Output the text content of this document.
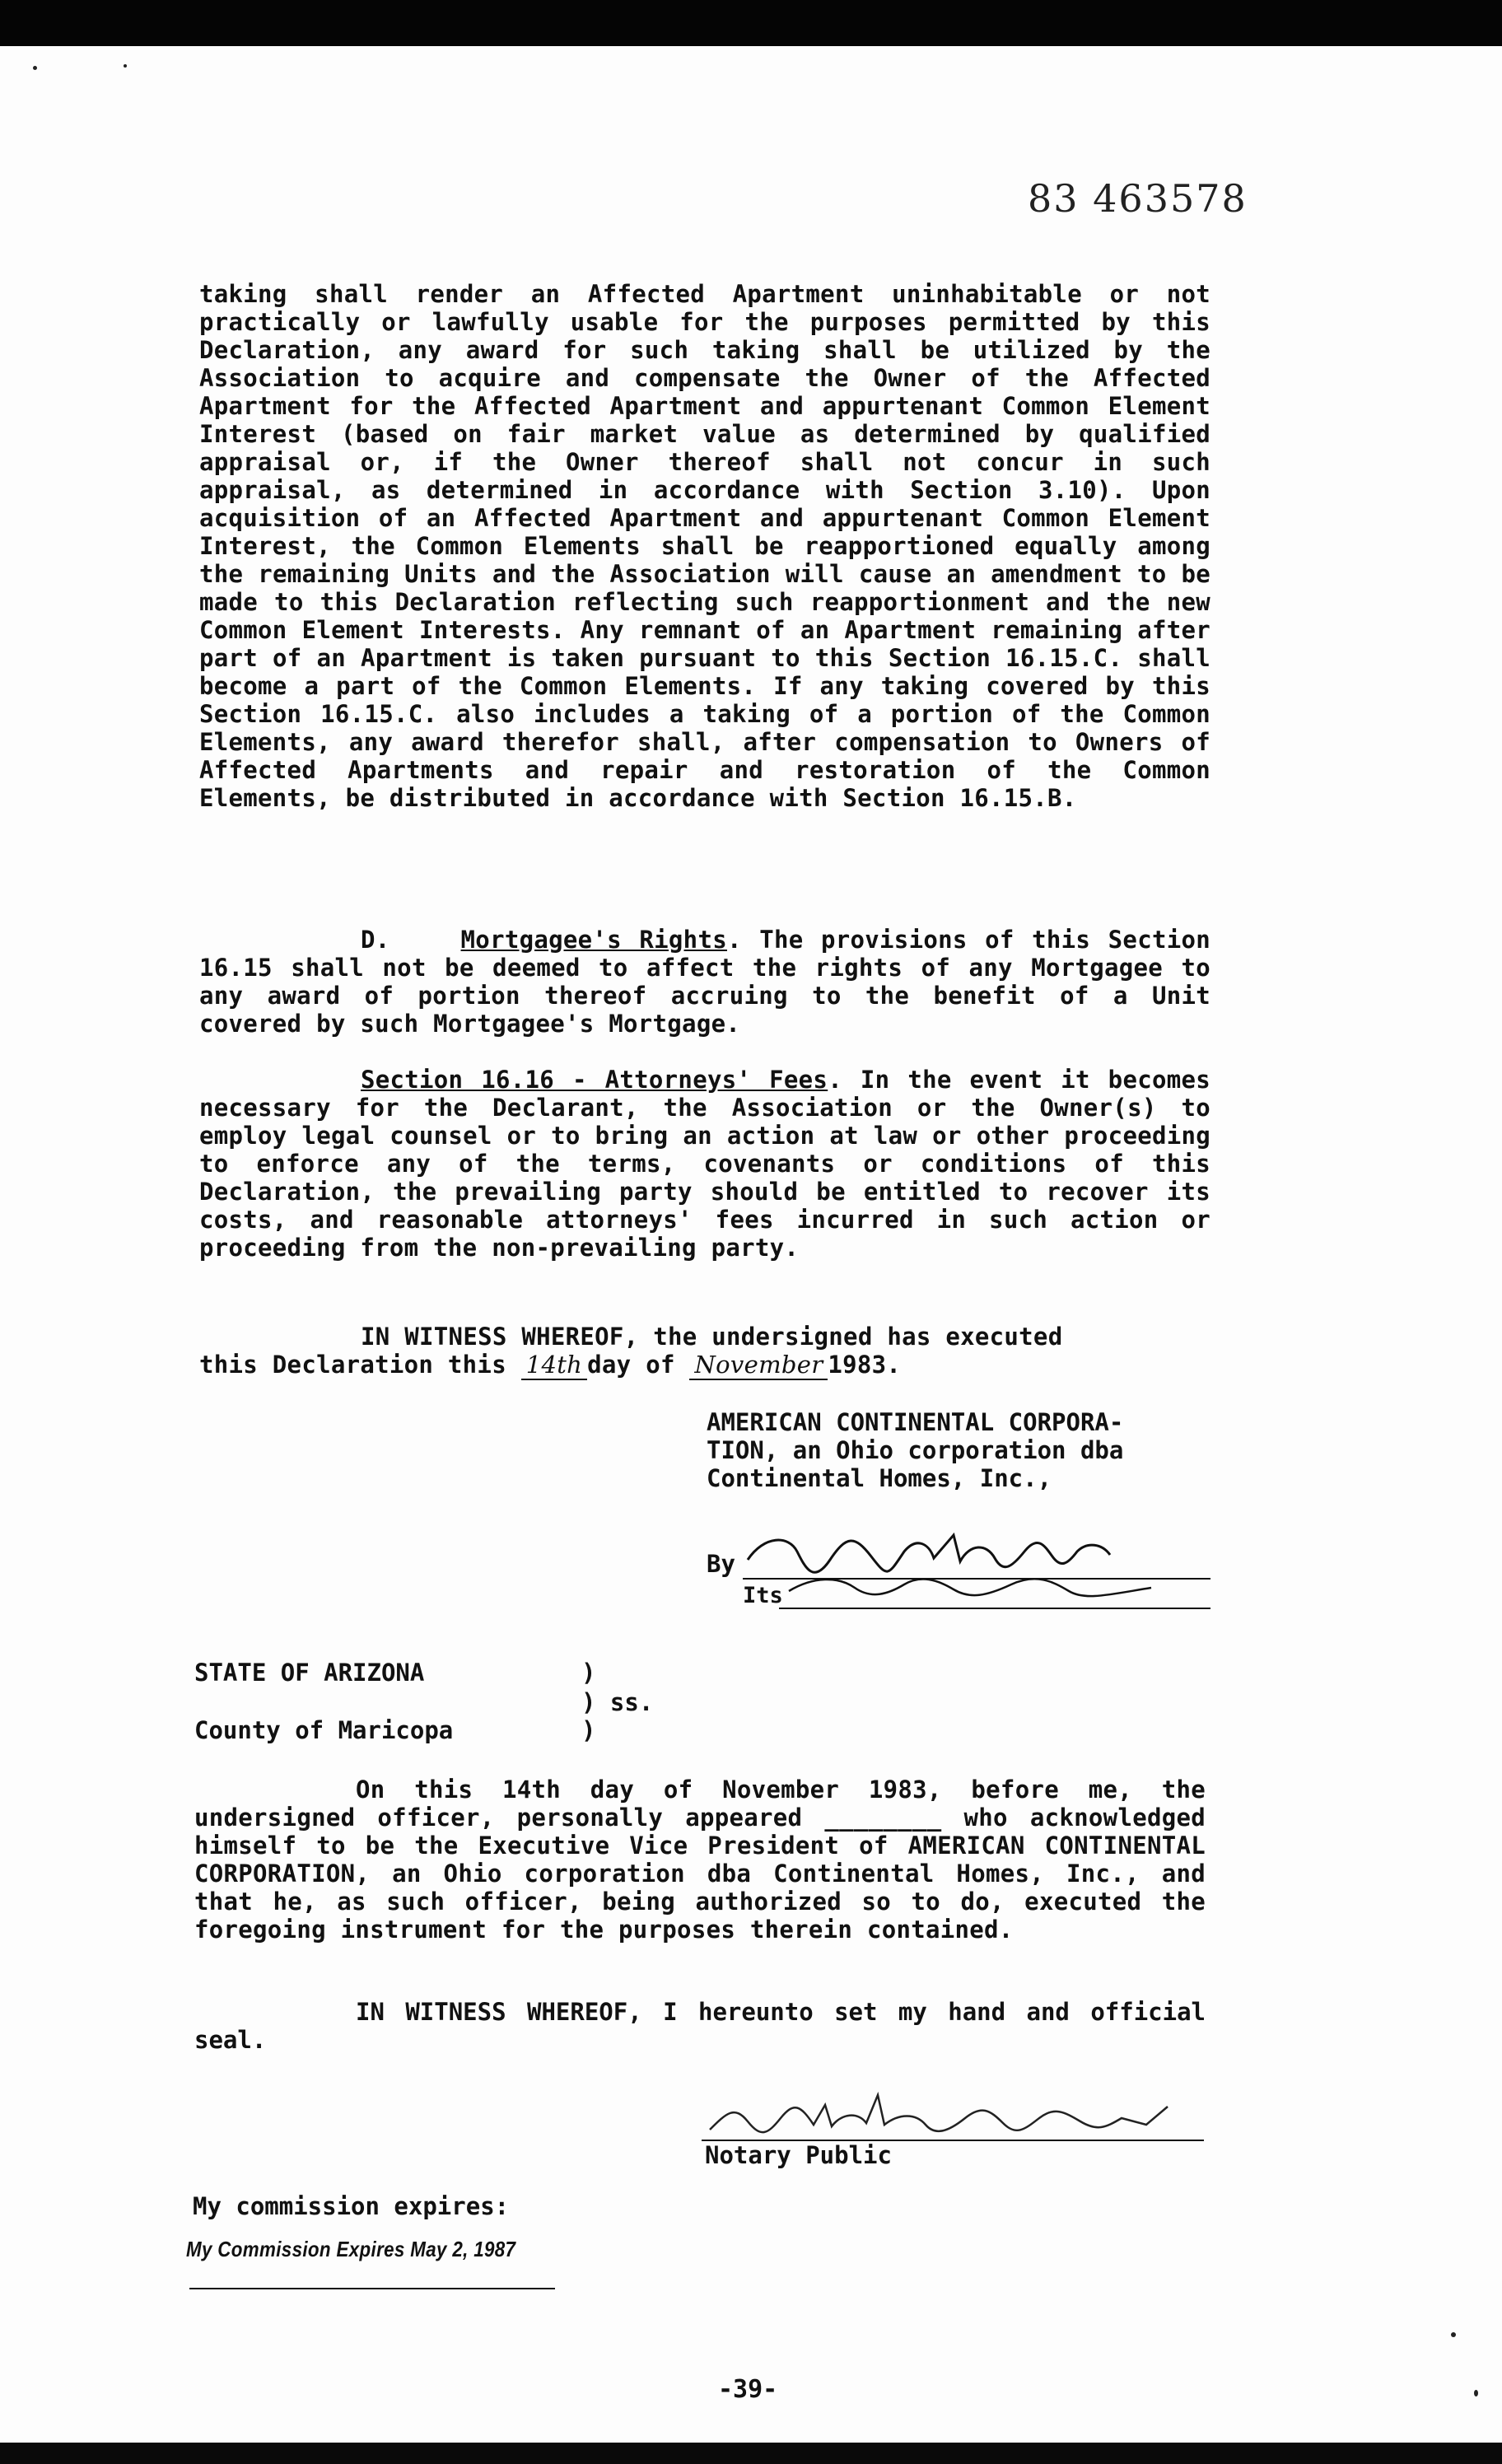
83 463578

taking shall render an Affected Apartment uninhabitable or not practically or lawfully usable for the purposes permitted by this Declaration, any award for such taking shall be utilized by the Association to acquire and compensate the Owner of the Affected Apartment for the Affected Apartment and appurtenant Common Element Interest (based on fair market value as determined by qualified appraisal or, if the Owner thereof shall not concur in such appraisal, as determined in accordance with Section 3.10). Upon acquisition of an Affected Apartment and appurtenant Common Element Interest, the Common Elements shall be reapportioned equally among the remaining Units and the Association will cause an amendment to be made to this Declaration reflecting such reapportionment and the new Common Element Interests. Any remnant of an Apartment remaining after part of an Apartment is taken pursuant to this Section 16.15.C. shall become a part of the Common Elements. If any taking covered by this Section 16.15.C. also includes a taking of a portion of the Common Elements, any award therefor shall, after compensation to Owners of Affected Apartments and repair and restoration of the Common Elements, be distributed in accordance with Section 16.15.B.

D.	Mortgagee's Rights. The provisions of this Section 16.15 shall not be deemed to affect the rights of any Mortgagee to any award of portion thereof accruing to the benefit of a Unit covered by such Mortgagee's Mortgage.

Section 16.16 - Attorneys' Fees. In the event it becomes necessary for the Declarant, the Association or the Owner(s) to employ legal counsel or to bring an action at law or other proceeding to enforce any of the terms, covenants or conditions of this Declaration, the prevailing party should be entitled to recover its costs, and reasonable attorneys' fees incurred in such action or proceeding from the non-prevailing party.

IN WITNESS WHEREOF, the undersigned has executed

this Declaration this 14th day of November 1983.

AMERICAN CONTINENTAL CORPORA-
TION, an Ohio corporation dba
Continental Homes, Inc.,
By
Its
STATE OF ARIZONA	)
) ss.
County of Maricopa	)

On this 14th day of November 1983, before me, the undersigned officer, personally appeared ________ who acknowledged himself to be the Executive Vice President of AMERICAN CONTINENTAL CORPORATION, an Ohio corporation dba Continental Homes, Inc., and that he, as such officer, being authorized so to do, executed the foregoing instrument for the purposes therein contained.

IN WITNESS WHEREOF, I hereunto set my hand and official seal.

Notary Public
My commission expires:
My Commission Expires May 2, 1987
-39-
